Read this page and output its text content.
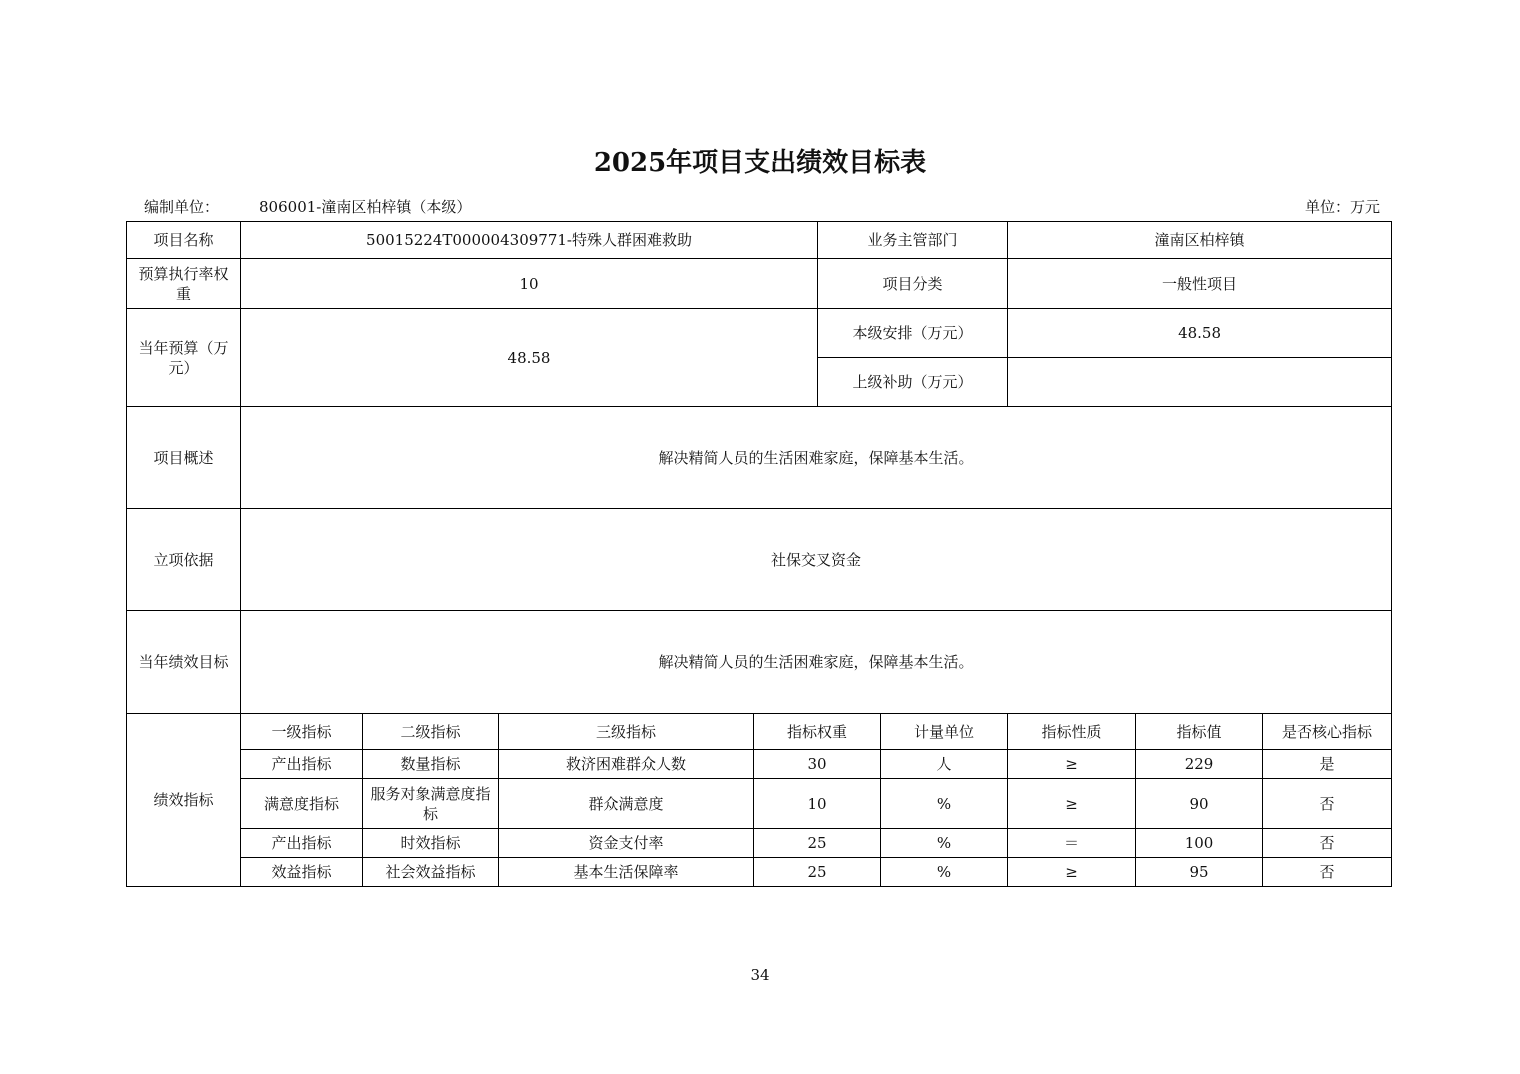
2025年项目支出绩效目标表
编制单位：	806001-潼南区柏梓镇（本级）	单位：万元
项目名称	50015224T000004309771-特殊人群困难救助				业务主管部门		潼南区柏梓镇		
预算执行率权重	10				项目分类		一般性项目		
当年预算（万元）	48.58				本级安排（万元）		48.58		
					上级补助（万元）				
项目概述	解决精简人员的生活困难家庭，保障基本生活。								
立项依据	社保交叉资金								
当年绩效目标	解决精简人员的生活困难家庭，保障基本生活。								
绩效指标	一级指标	二级指标	三级指标	指标权重		计量单位	指标性质	指标值	是否核心指标
	产出指标	数量指标	救济困难群众人数	30		人	≥	229	是
	满意度指标	服务对象满意度指标	群众满意度	10		%	≥	90	否
	产出指标	时效指标	资金支付率	25		%	＝	100	否
	效益指标	社会效益指标	基本生活保障率	25		%	≥	95	否
34
